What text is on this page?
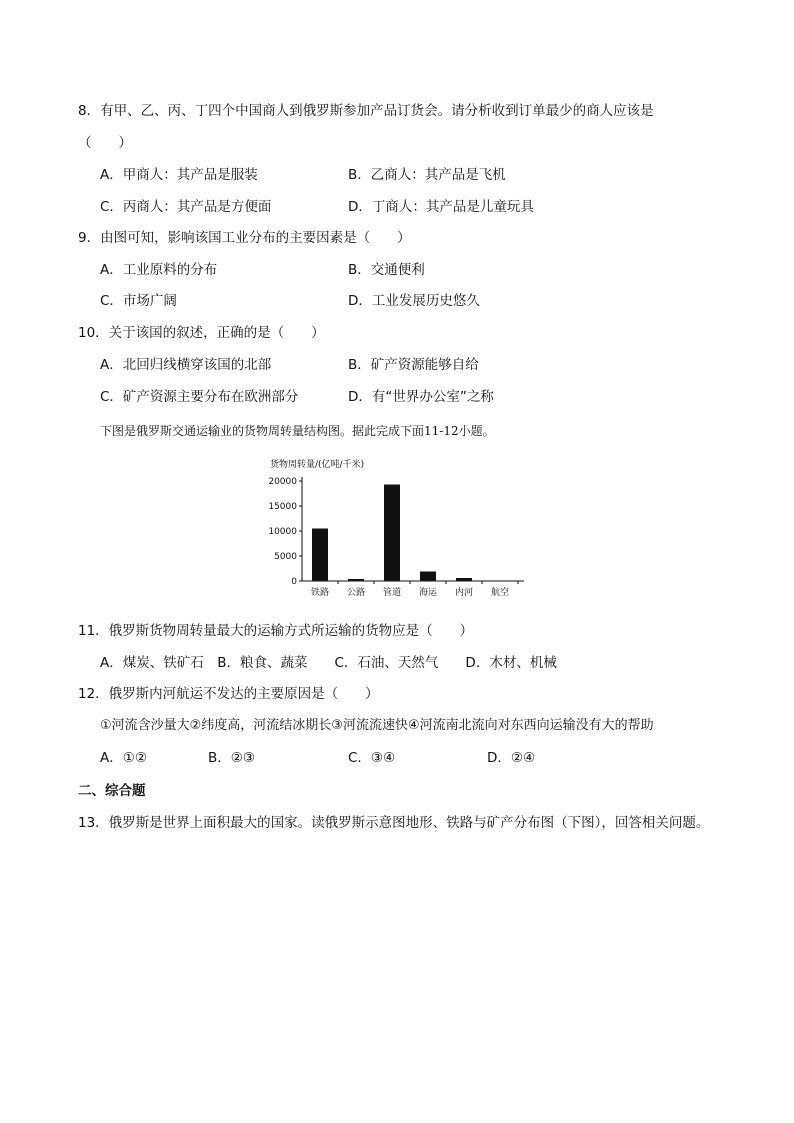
8．有甲、乙、丙、丁四个中国商人到俄罗斯参加产品订货会。请分析收到订单最少的商人应该是
（　　）
A．甲商人：其产品是服装	B．乙商人：其产品是飞机
C．丙商人：其产品是方便面	D．丁商人：其产品是儿童玩具
9．由图可知，影响该国工业分布的主要因素是（　　）
A．工业原料的分布	B．交通便利
C．市场广阔	D．工业发展历史悠久
10．关于该国的叙述，正确的是（　　）
A．北回归线横穿该国的北部	B．矿产资源能够自给
C．矿产资源主要分布在欧洲部分	D．有“世界办公室”之称
下图是俄罗斯交通运输业的货物周转量结构图。据此完成下面11-12小题。
货物周转量/(亿吨/千米)
0
5000
10000
15000
20000
铁路 公路 管道 海运 内河 航空
11．俄罗斯货物周转量最大的运输方式所运输的货物应是（　　）
A．煤炭、铁矿石　B．粮食、蔬菜　　C．石油、天然气　　D．木材、机械
12．俄罗斯内河航运不发达的主要原因是（　　）
①河流含沙量大②纬度高，河流结冰期长③河流流速快④河流南北流向对东西向运输没有大的帮助
A．①②	B．②③	C．③④	D．②④
二、综合题
13．俄罗斯是世界上面积最大的国家。读俄罗斯示意图地形、铁路与矿产分布图（下图），回答相关问题。
